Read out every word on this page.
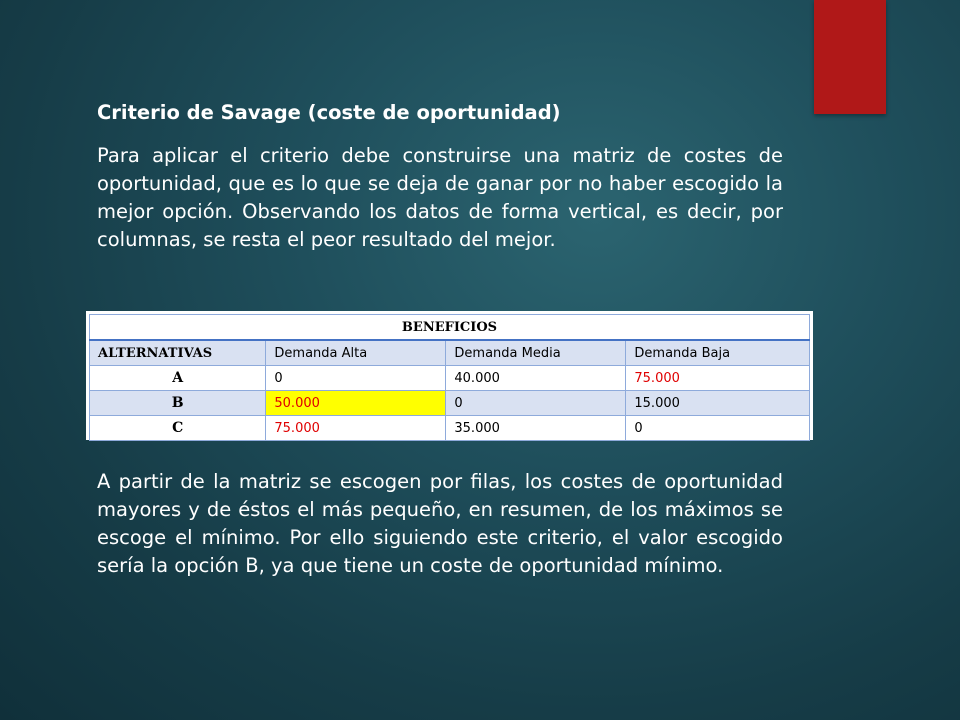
Criterio de Savage (coste de oportunidad)

Para aplicar el criterio debe construirse una matriz de costes de oportunidad, que es lo que se deja de ganar por no haber escogido la mejor opción. Observando los datos de forma vertical, es decir, por columnas, se resta el peor resultado del mejor.

A partir de la matriz se escogen por filas, los costes de oportunidad mayores y de éstos el más pequeño, en resumen, de los máximos se escoge el mínimo. Por ello siguiendo este criterio, el valor escogido sería la opción B, ya que tiene un coste de oportunidad mínimo.

BENEFICIOS			
ALTERNATIVAS	Demanda Alta	Demanda Media	Demanda Baja
A	0	40.000	75.000
B	50.000	0	15.000
C	75.000	35.000	0
